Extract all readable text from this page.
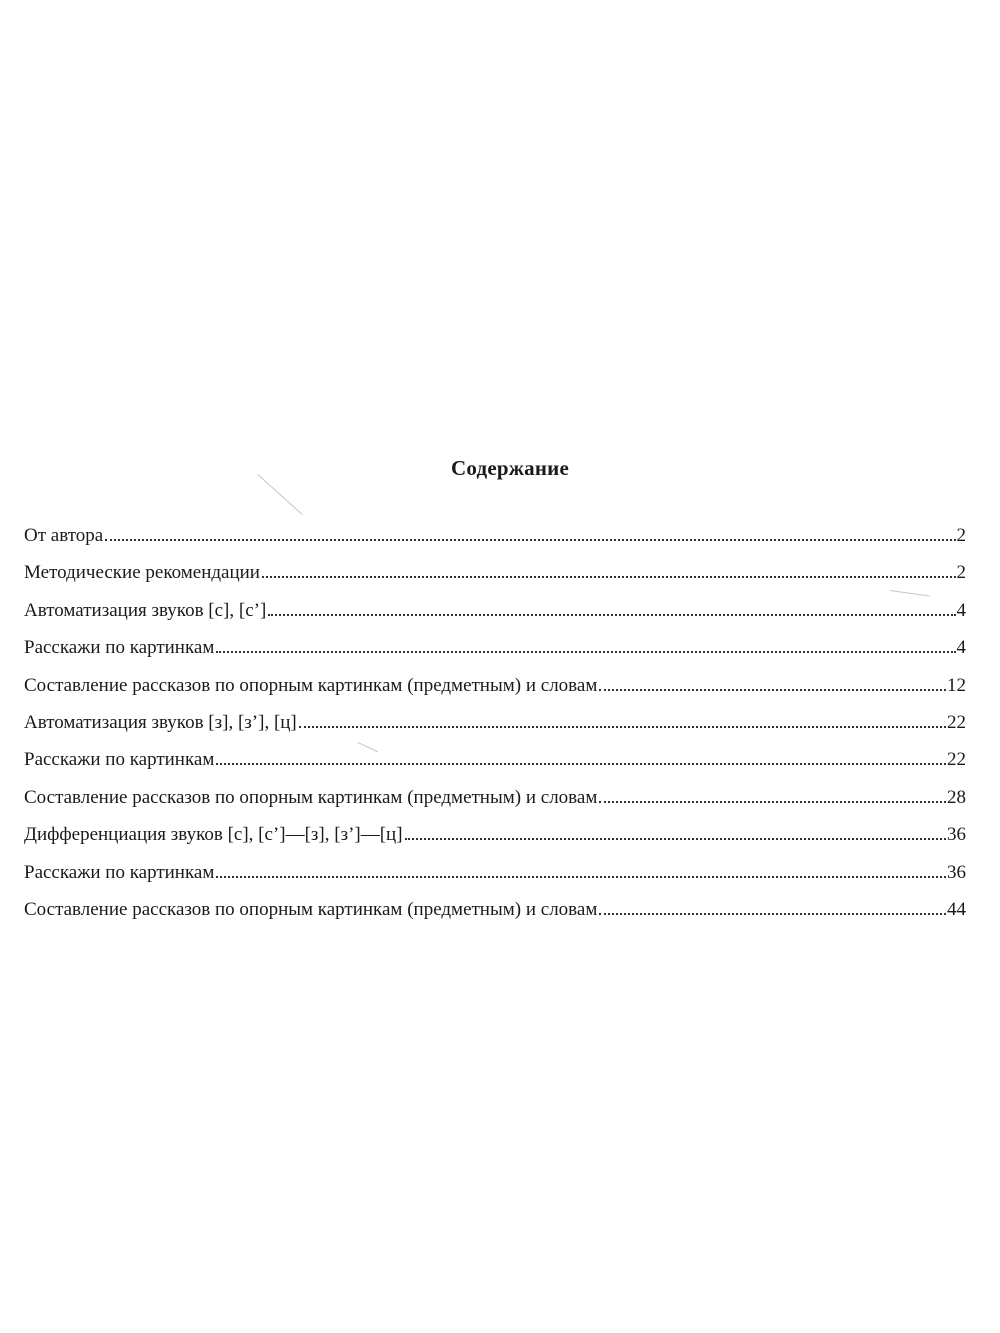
Содержание
От автора	2
Методические рекомендации	2
Автоматизация звуков [с], [с’]	4
Расскажи по картинкам	4
Составление рассказов по опорным картинкам (предметным) и словам	12
Автоматизация звуков [з], [з’], [ц]	22
Расскажи по картинкам	22
Составление рассказов по опорным картинкам (предметным) и словам	28
Дифференциация звуков [с], [с’]—[з], [з’]—[ц]	36
Расскажи по картинкам	36
Составление рассказов по опорным картинкам (предметным) и словам	44
